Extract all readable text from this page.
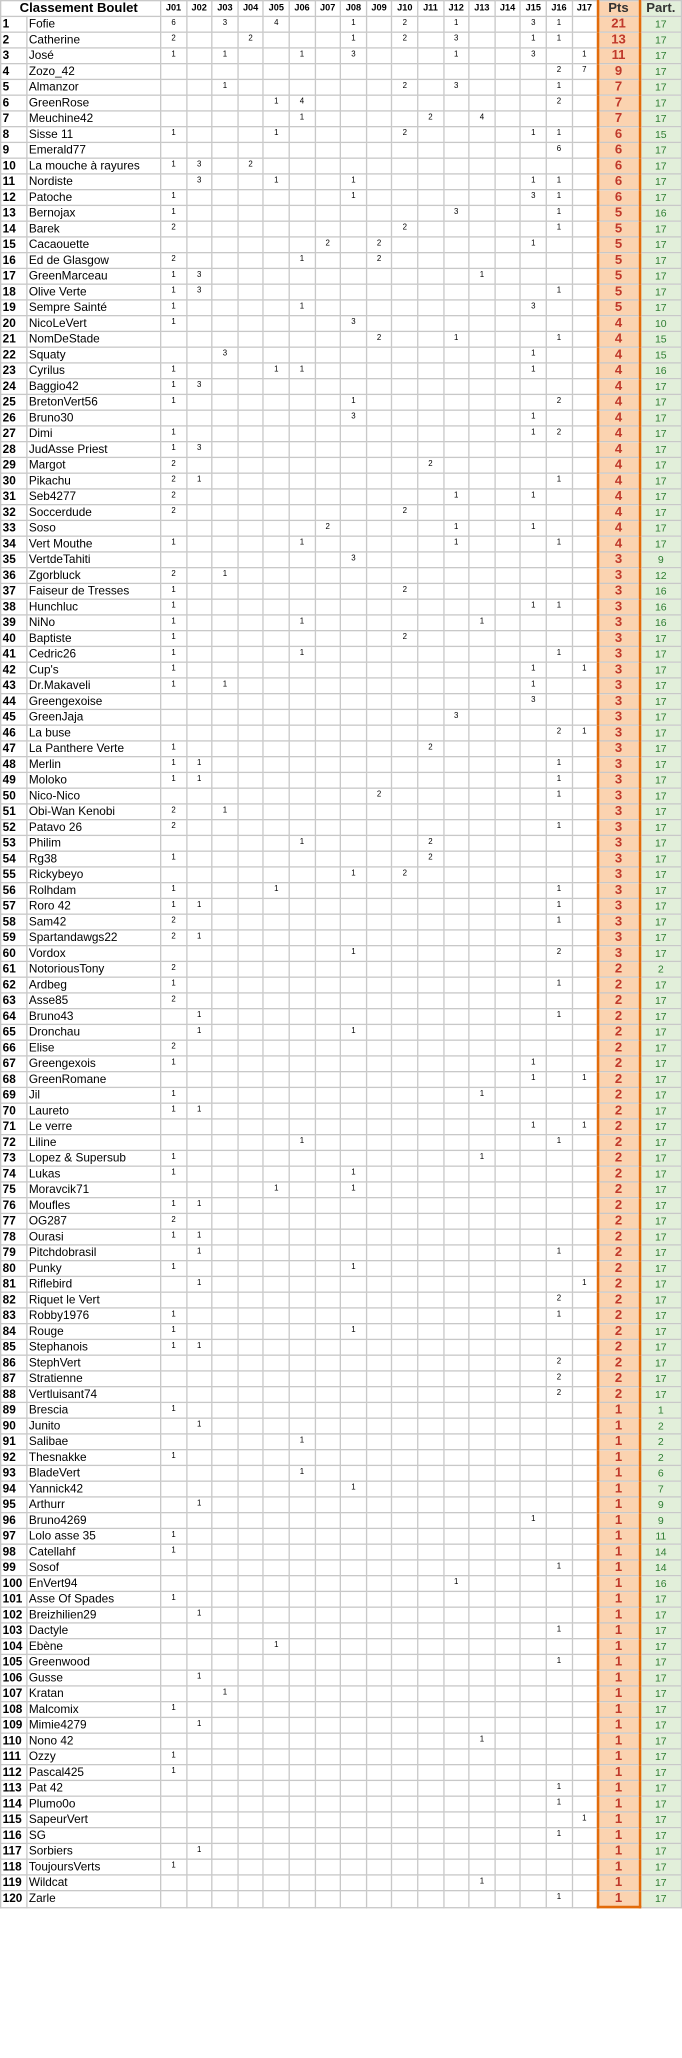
Classement Boulet		J01	J02	J03	J04	J05	J06	J07	J08	J09	J10	J11	J12	J13	J14	J15	J16	J17	Pts	Part.
1	Fofie	6		3		4			1		2		1			3	1		21	17
2	Catherine	2			2				1		2		3			1	1		13	17
3	José	1		1			1		3				1			3		1	11	17
4	Zozo_42																2	7	9	17
5	Almanzor			1							2		3				1		7	17
6	GreenRose					1	4										2		7	17
7	Meuchine42						1					2		4					7	17
8	Sisse 11	1				1					2					1	1		6	15
9	Emerald77																6		6	17
10	La mouche à rayures	1	3		2														6	17
11	Nordiste		3			1			1							1	1		6	17
12	Patoche	1							1							3	1		6	17
13	Bernojax	1											3				1		5	16
14	Barek	2									2						1		5	17
15	Cacaouette							2		2						1			5	17
16	Ed de Glasgow	2					1			2									5	17
17	GreenMarceau	1	3											1					5	17
18	Olive Verte	1	3														1		5	17
19	Sempre Sainté	1					1									3			5	17
20	NicoLeVert	1							3										4	10
21	NomDeStade									2			1				1		4	15
22	Squaty			3												1			4	15
23	Cyrilus	1				1	1									1			4	16
24	Baggio42	1	3																4	17
25	BretonVert56	1							1								2		4	17
26	Bruno30								3							1			4	17
27	Dimi	1														1	2		4	17
28	JudAsse Priest	1	3																4	17
29	Margot	2										2							4	17
30	Pikachu	2	1														1		4	17
31	Seb4277	2											1			1			4	17
32	Soccerdude	2									2								4	17
33	Soso							2					1			1			4	17
34	Vert Mouthe	1					1						1				1		4	17
35	VertdeTahiti								3										3	9
36	Zgorbluck	2		1															3	12
37	Faiseur de Tresses	1									2								3	16
38	Hunchluc	1														1	1		3	16
39	NiNo	1					1							1					3	16
40	Baptiste	1									2								3	17
41	Cedric26	1					1										1		3	17
42	Cup's	1														1		1	3	17
43	Dr.Makaveli	1		1												1			3	17
44	Greengexoise															3			3	17
45	GreenJaja												3						3	17
46	La buse																2	1	3	17
47	La Panthere Verte	1										2							3	17
48	Merlin	1	1														1		3	17
49	Moloko	1	1														1		3	17
50	Nico-Nico									2							1		3	17
51	Obi-Wan Kenobi	2		1															3	17
52	Patavo 26	2															1		3	17
53	Philim						1					2							3	17
54	Rg38	1										2							3	17
55	Rickybeyo								1		2								3	17
56	Rolhdam	1				1											1		3	17
57	Roro 42	1	1														1		3	17
58	Sam42	2															1		3	17
59	Spartandawgs22	2	1																3	17
60	Vordox								1								2		3	17
61	NotoriousTony	2																	2	2
62	Ardbeg	1															1		2	17
63	Asse85	2																	2	17
64	Bruno43		1														1		2	17
65	Dronchau		1						1										2	17
66	Elise	2																	2	17
67	Greengexois	1														1			2	17
68	GreenRomane															1		1	2	17
69	Jil	1												1					2	17
70	Laureto	1	1																2	17
71	Le verre															1		1	2	17
72	Liline						1										1		2	17
73	Lopez & Supersub	1												1					2	17
74	Lukas	1							1										2	17
75	Moravcik71					1			1										2	17
76	Moufles	1	1																2	17
77	OG287	2																	2	17
78	Ourasi	1	1																2	17
79	Pitchdobrasil		1														1		2	17
80	Punky	1							1										2	17
81	Riflebird		1															1	2	17
82	Riquet le Vert																2		2	17
83	Robby1976	1															1		2	17
84	Rouge	1							1										2	17
85	Stephanois	1	1																2	17
86	StephVert																2		2	17
87	Stratienne																2		2	17
88	Vertluisant74																2		2	17
89	Brescia	1																	1	1
90	Junito		1																1	2
91	Salibae						1												1	2
92	Thesnakke	1																	1	2
93	BladeVert						1												1	6
94	Yannick42								1										1	7
95	Arthurr		1																1	9
96	Bruno4269															1			1	9
97	Lolo asse 35	1																	1	11
98	Catellahf	1																	1	14
99	Sosof																1		1	14
100	EnVert94												1						1	16
101	Asse Of Spades	1																	1	17
102	Breizhilien29		1																1	17
103	Dactyle																1		1	17
104	Ebène					1													1	17
105	Greenwood																1		1	17
106	Gusse		1																1	17
107	Kratan			1															1	17
108	Malcomix	1																	1	17
109	Mimie4279		1																1	17
110	Nono 42													1					1	17
111	Ozzy	1																	1	17
112	Pascal425	1																	1	17
113	Pat 42																1		1	17
114	Plumo0o																1		1	17
115	SapeurVert																	1	1	17
116	SG																1		1	17
117	Sorbiers		1																1	17
118	ToujoursVerts	1																	1	17
119	Wildcat													1					1	17
120	Zarle																1		1	17
